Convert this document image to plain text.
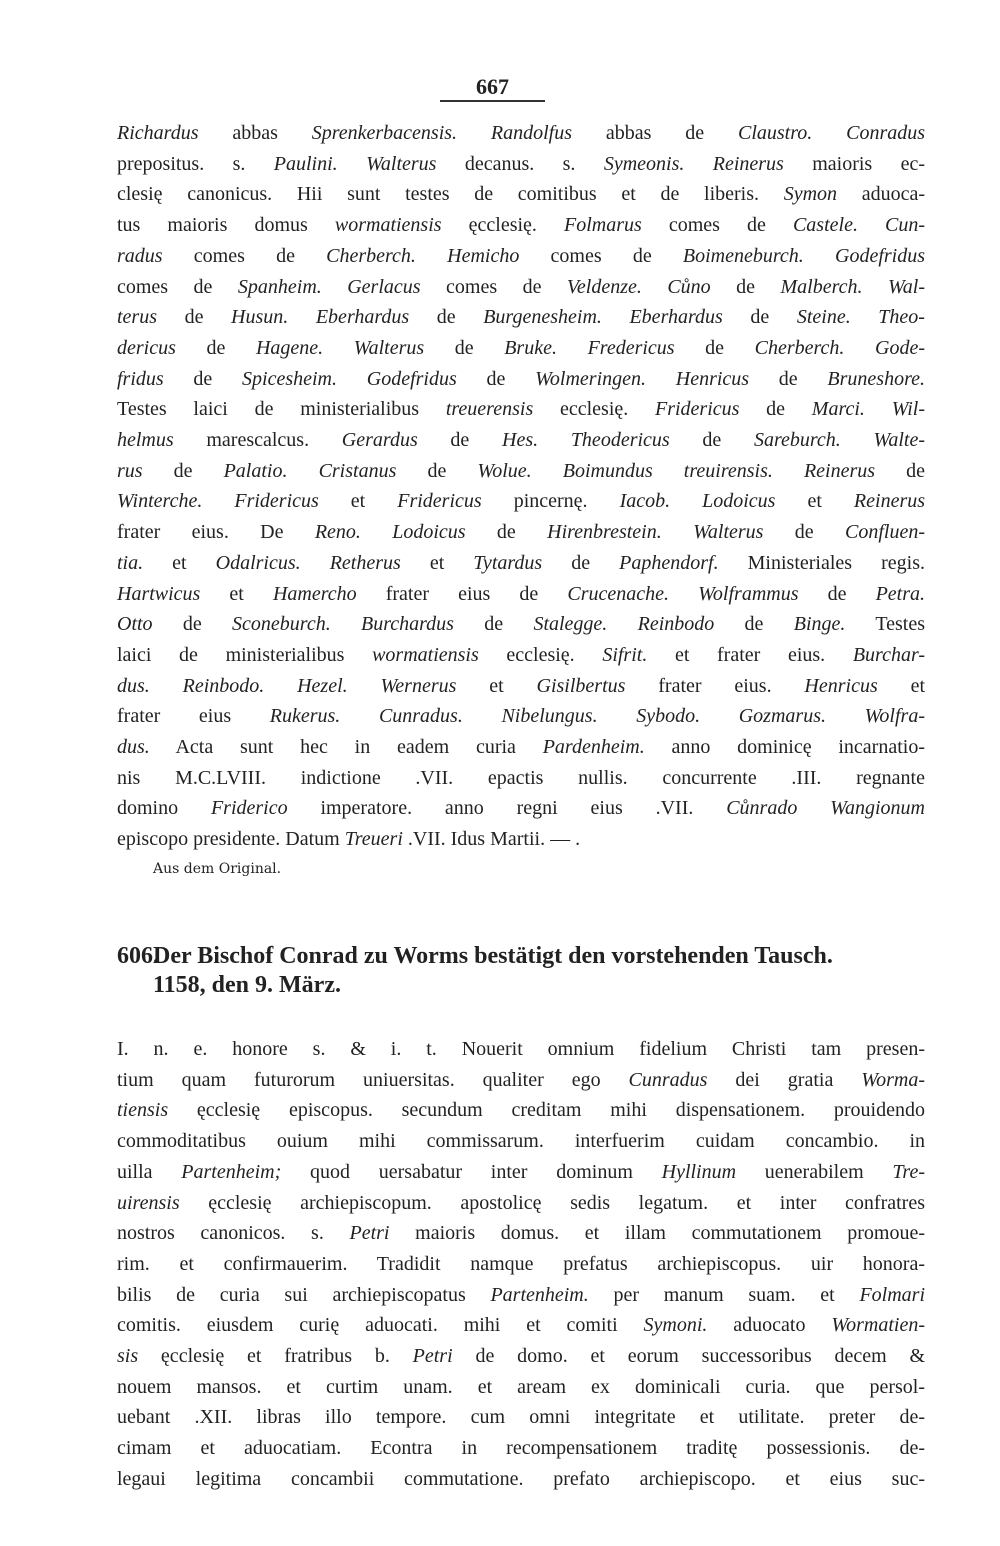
667
Richardus abbas Sprenkerbacensis. Randolfus abbas de Claustro. Conradus
prepositus. s. Paulini. Walterus decanus. s. Symeonis. Reinerus maioris ec-
clesię canonicus. Hii sunt testes de comitibus et de liberis. Symon aduoca-
tus maioris domus wormatiensis ęcclesię. Folmarus comes de Castele. Cun-
radus comes de Cherberch. Hemicho comes de Boimeneburch. Godefridus
comes de Spanheim. Gerlacus comes de Veldenze. Cůno de Malberch. Wal-
terus de Husun. Eberhardus de Burgenesheim. Eberhardus de Steine. Theo-
dericus de Hagene. Walterus de Bruke. Fredericus de Cherberch. Gode-
fridus de Spicesheim. Godefridus de Wolmeringen. Henricus de Bruneshore.
Testes laici de ministerialibus treuerensis ecclesię. Fridericus de Marci. Wil-
helmus marescalcus. Gerardus de Hes. Theodericus de Sareburch. Walte-
rus de Palatio. Cristanus de Wolue. Boimundus treuirensis. Reinerus de
Winterche. Fridericus et Fridericus pincernę. Iacob. Lodoicus et Reinerus
frater eius. De Reno. Lodoicus de Hirenbrestein. Walterus de Confluen-
tia. et Odalricus. Retherus et Tytardus de Paphendorf. Ministeriales regis.
Hartwicus et Hamercho frater eius de Crucenache. Wolframmus de Petra.
Otto de Sconeburch. Burchardus de Stalegge. Reinbodo de Binge. Testes
laici de ministerialibus wormatiensis ecclesię. Sifrit. et frater eius. Burchar-
dus. Reinbodo. Hezel. Wernerus et Gisilbertus frater eius. Henricus et
frater eius Rukerus. Cunradus. Nibelungus. Sybodo. Gozmarus. Wolfra-
dus. Acta sunt hec in eadem curia Pardenheim. anno dominicę incarnatio-
nis M.C.LVIII. indictione .VII. epactis nullis. concurrente .III. regnante
domino Friderico imperatore. anno regni eius .VII. Cůnrado Wangionum
episcopo presidente. Datum Treueri .VII. Idus Martii. — .
Aus dem Original.
606.Der Bischof Conrad zu Worms bestätigt den vorstehenden Tausch.
1158, den 9. März.
I. n. e. honore s. & i. t. Nouerit omnium fidelium Christi tam presen-
tium quam futurorum uniuersitas. qualiter ego Cunradus dei gratia Worma-
tiensis ęcclesię episcopus. secundum creditam mihi dispensationem. prouidendo
commoditatibus ouium mihi commissarum. interfuerim cuidam concambio. in
uilla Partenheim; quod uersabatur inter dominum Hyllinum uenerabilem Tre-
uirensis ęcclesię archiepiscopum. apostolicę sedis legatum. et inter confratres
nostros canonicos. s. Petri maioris domus. et illam commutationem promoue-
rim. et confirmauerim. Tradidit namque prefatus archiepiscopus. uir honora-
bilis de curia sui archiepiscopatus Partenheim. per manum suam. et Folmari
comitis. eiusdem curię aduocati. mihi et comiti Symoni. aduocato Wormatien-
sis ęcclesię et fratribus b. Petri de domo. et eorum successoribus decem &
nouem mansos. et curtim unam. et aream ex dominicali curia. que persol-
uebant .XII. libras illo tempore. cum omni integritate et utilitate. preter de-
cimam et aduocatiam. Econtra in recompensationem traditę possessionis. de-
legaui legitima concambii commutatione. prefato archiepiscopo. et eius suc-
